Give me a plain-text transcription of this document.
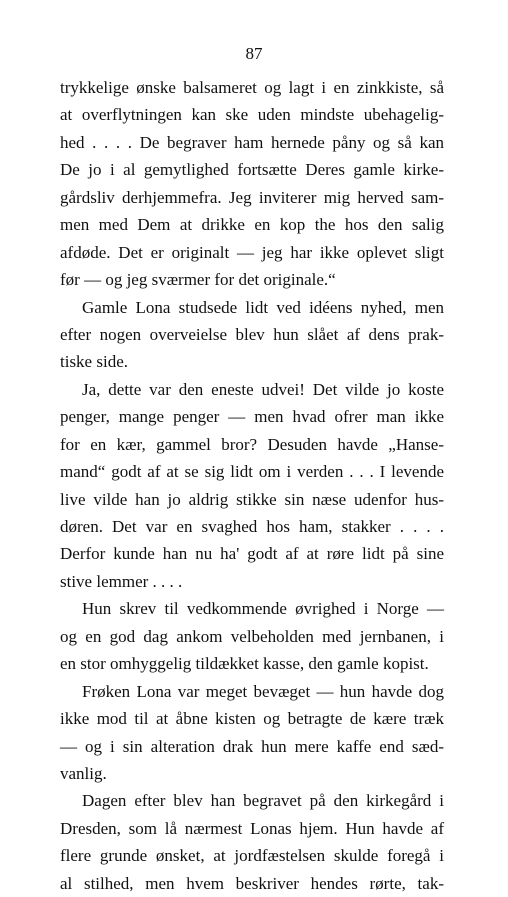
87
trykkelige ønske balsameret og lagt i en zinkkiste, så
at overflytningen kan ske uden mindste ubehagelig-
hed . . . . De begraver ham hernede påny og så kan
De jo i al gemytlighed fortsætte Deres gamle kirke-
gårdsliv derhjemmefra. Jeg inviterer mig herved sam-
men med Dem at drikke en kop the hos den salig
afdøde. Det er originalt — jeg har ikke oplevet sligt
før — og jeg sværmer for det originale.“
Gamle Lona studsede lidt ved idéens nyhed, men
efter nogen overveielse blev hun slået af dens prak-
tiske side.
Ja, dette var den eneste udvei! Det vilde jo koste
penger, mange penger — men hvad ofrer man ikke
for en kær, gammel bror? Desuden havde „Hanse-
mand“ godt af at se sig lidt om i verden . . . I levende
live vilde han jo aldrig stikke sin næse udenfor hus-
døren. Det var en svaghed hos ham, stakker . . . .
Derfor kunde han nu ha' godt af at røre lidt på sine
stive lemmer . . . .
Hun skrev til vedkommende øvrighed i Norge —
og en god dag ankom velbeholden med jernbanen, i
en stor omhyggelig tildækket kasse, den gamle kopist.
Frøken Lona var meget bevæget — hun havde dog
ikke mod til at åbne kisten og betragte de kære træk
— og i sin alteration drak hun mere kaffe end sæd-
vanlig.
Dagen efter blev han begravet på den kirkegård i
Dresden, som lå nærmest Lonas hjem. Hun havde af
flere grunde ønsket, at jordfæstelsen skulde foregå i
al stilhed, men hvem beskriver hendes rørte, tak-
